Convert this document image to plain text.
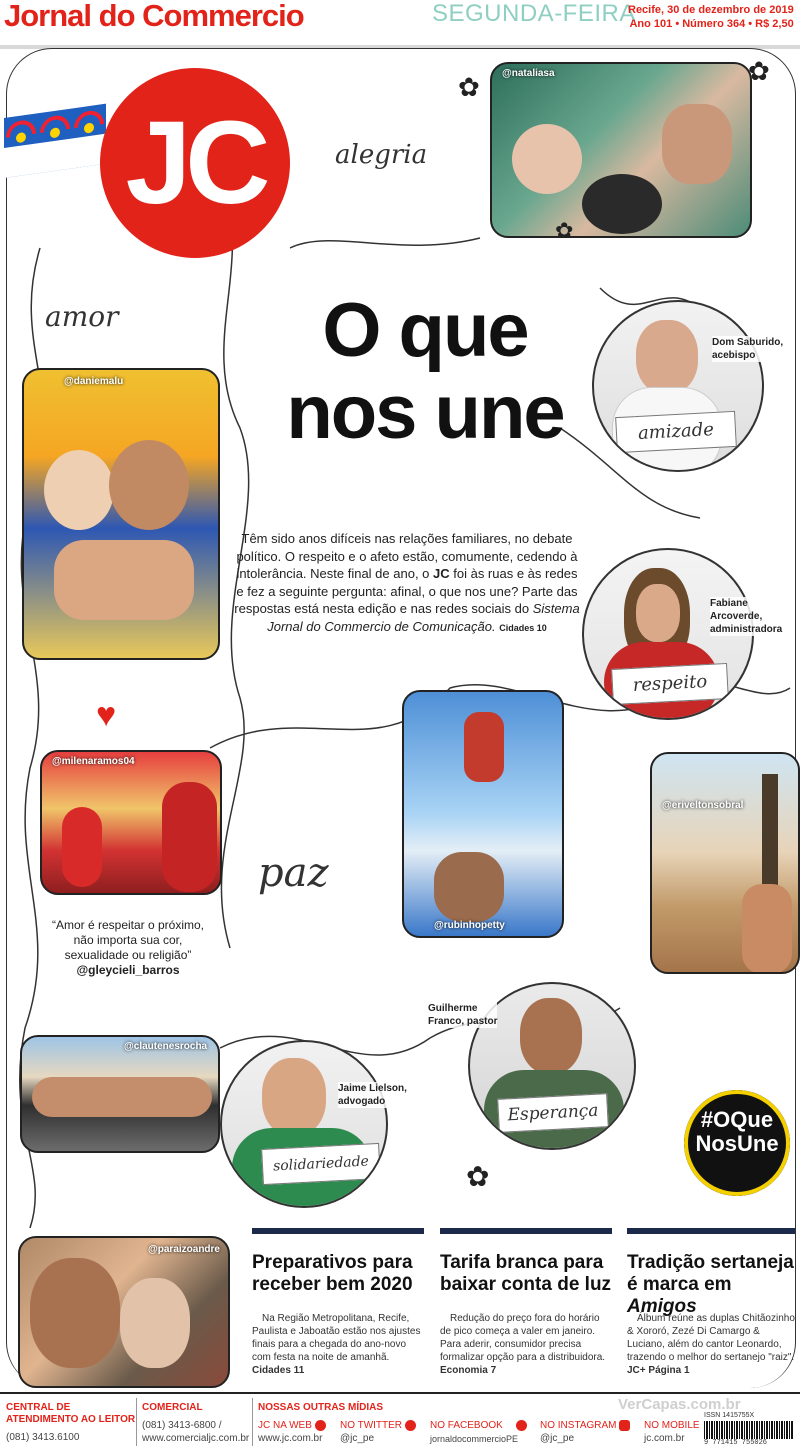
Jornal do Commercio	SEGUNDA-FEIRA
Recife, 30 de dezembro de 2019
Ano 101 • Número 364 • R$ 2,50
JC	alegria
@nataliasa
✿
✿
✿
amor
@daniemalu
♥
O que
nos une
Têm sido anos difíceis nas relações familiares, no debate político. O respeito e o afeto estão, comumente, cedendo à intolerância. Neste final de ano, o JC foi às ruas e às redes e fez a seguinte pergunta: afinal, o que nos une? Parte das respostas está nesta edição e nas redes sociais do Sistema Jornal do Commercio de Comunicação. Cidades 10
amizade
Dom Saburido,
acebispo
respeito
Fabiane
Arcoverde,
administradora
@milenaramos04
“Amor é respeitar o próximo, não importa sua cor, sexualidade ou religião”
@gleycieli_barros
paz
@rubinhopetty
@eriveltonsobral
Esperança
Guilherme
Franco, pastor
#OQueNosUne
@clautenesrocha
solidariedade
Jaime Lielson,
advogado
✿
@paraizoandre
Preparativos para receber bem 2020
Na Região Metropolitana, Recife, Paulista e Jaboatão estão nos ajustes finais para a chegada do ano-novo com festa na noite de amanhã. Cidades 11
Tarifa branca para baixar conta de luz
Redução do preço fora do horário de pico começa a valer em janeiro. Para aderir, consumidor precisa formalizar opção para a distribuidora. Economia 7
Tradição sertaneja é marca em Amigos
Álbum reúne as duplas Chitãozinho & Xororó, Zezé Di Camargo & Luciano, além do cantor Leonardo, trazendo o melhor do sertanejo "raiz". JC+ Página 1
CENTRAL DE ATENDIMENTO AO LEITOR
(081) 3413.6100
COMERCIAL
(081) 3413-6800 /
www.comercialjc.com.br
NOSSAS OUTRAS MÍDIAS
JC NA WEB
www.jc.com.br
NO TWITTER
@jc_pe
NO FACEBOOK
jornaldocommercioPE
NO INSTAGRAM
@jc_pe
NO MOBILE
jc.com.br
VerCapas.com.br
ISSN 1415755X
9 771415 755026
